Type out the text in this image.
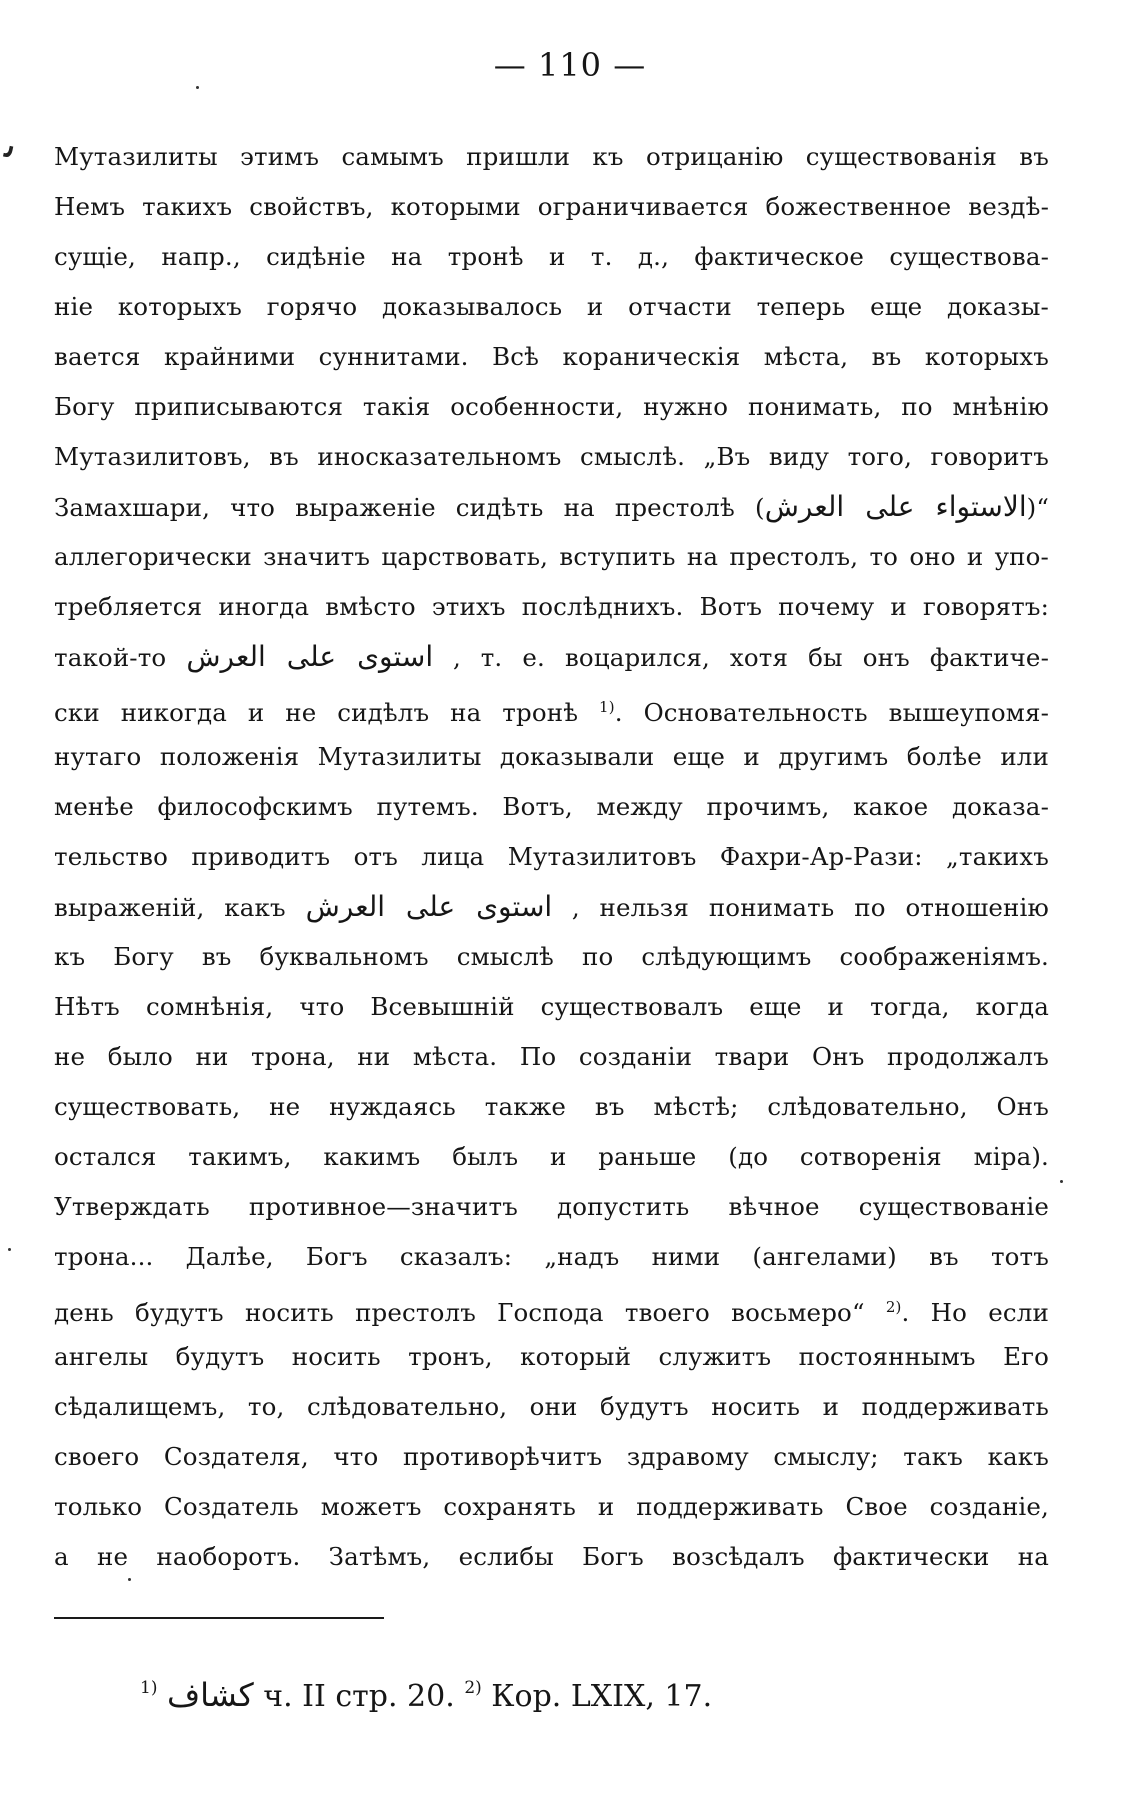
— 110 —
ﯨ Мутазилиты этимъ самымъ пришли къ отрицанію существованія въ
Немъ такихъ свойствъ, которыми ограничивается божественное вездѣ-
сущіе, напр., сидѣніе на тронѣ и т. д., фактическое существова-
ніе которыхъ горячо доказывалось и отчасти теперь еще доказы-
вается крайними суннитами. Всѣ кораническія мѣста, въ которыхъ
Богу приписываются такія особенности, нужно понимать, по мнѣнію
Мутазилитовъ, въ иносказательномъ смыслѣ. „Въ виду того, говоритъ
Замахшари, что выраженіе сидѣть на престолѣ (الاستواء على العرش)“
аллегорически значитъ царствовать, вступить на престолъ, то оно и упо-
требляется иногда вмѣсто этихъ послѣднихъ. Вотъ почему и говорятъ:
такой-то استوى على العرش , т. е. воцарился, хотя бы онъ фактиче-
ски никогда и не сидѣлъ на тронѣ $^{1)}$. Основательность вышеупомя-
нутаго положенія Мутазилиты доказывали еще и другимъ болѣе или
менѣе философскимъ путемъ. Вотъ, между прочимъ, какое доказа-
тельство приводитъ отъ лица Мутазилитовъ Фахри-Ар-Рази: „такихъ
выраженій, какъ استوى على العرش , нельзя понимать по отношенію
къ Богу въ буквальномъ смыслѣ по слѣдующимъ соображеніямъ.
Нѣтъ сомнѣнія, что Всевышній существовалъ еще и тогда, когда
не было ни трона, ни мѣста. По созданіи твари Онъ продолжалъ
существовать, не нуждаясь также въ мѣстѣ; слѣдовательно, Онъ
остался такимъ, какимъ былъ и раньше (до сотворенія міра).
Утверждать противное—значитъ допустить вѣчное существованіе
трона... Далѣе, Богъ сказалъ: „надъ ними (ангелами) въ тотъ
день будутъ носить престолъ Господа твоего восьмеро“ $^{2)}$. Но если
ангелы будутъ носить тронъ, который служитъ постояннымъ Его
сѣдалищемъ, то, слѣдовательно, они будутъ носить и поддерживать
своего Создателя, что противорѣчитъ здравому смыслу; такъ какъ
только Создатель можетъ сохранять и поддерживать Свое созданіе,
а не наоборотъ. Затѣмъ, еслибы Богъ возсѣдалъ фактически на
$^{1)}$ كشاف ч. II стр. 20. $^{2)}$ Кор. LXIX, 17.
